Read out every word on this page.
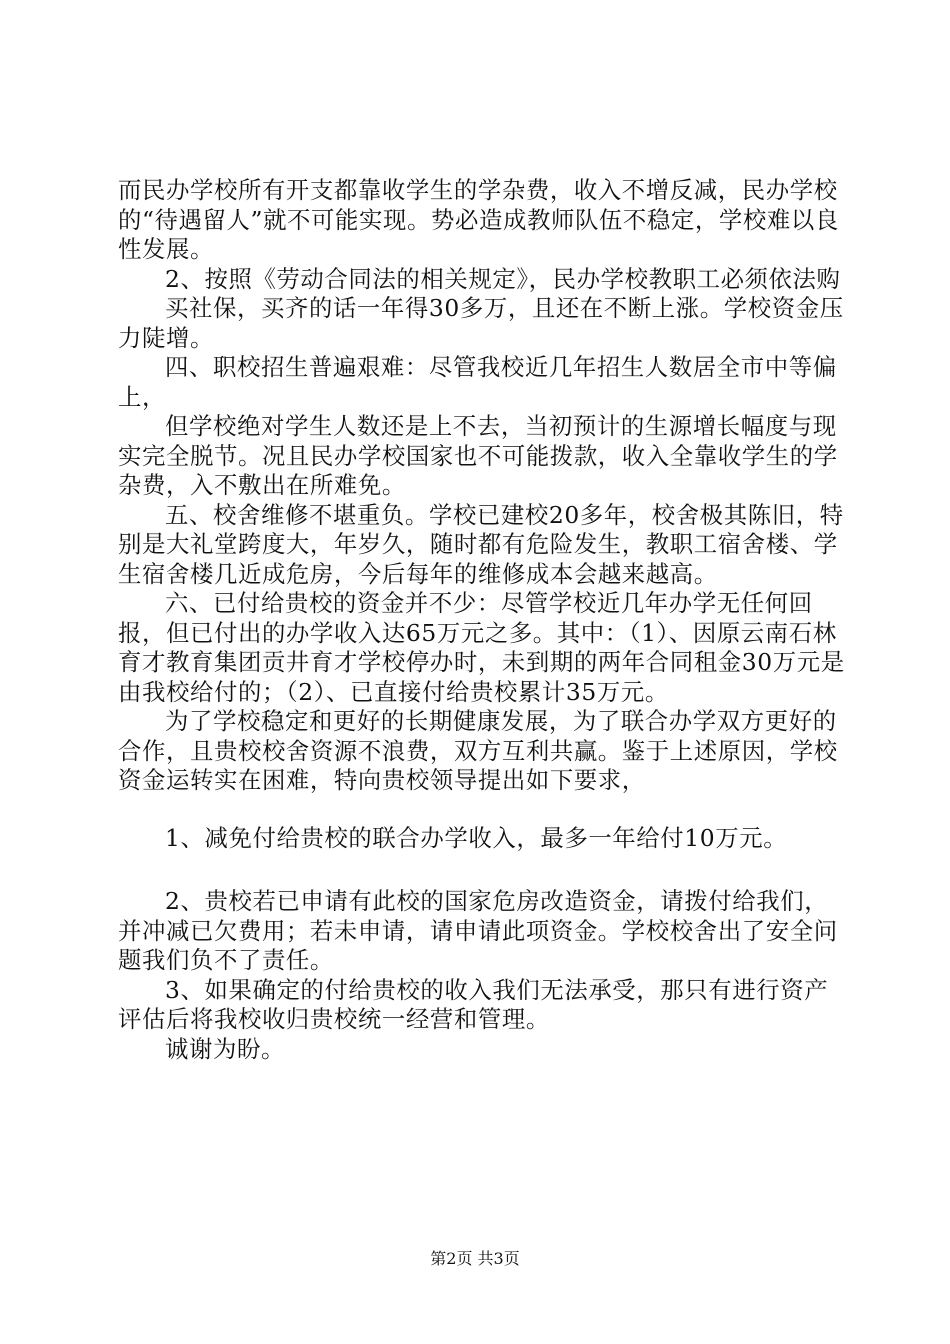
而民办学校所有开支都靠收学生的学杂费，收入不增反减，民办学校的“待遇留人”就不可能实现。势必造成教师队伍不稳定，学校难以良性发展。

2、按照《劳动合同法的相关规定》，民办学校教职工必须依法购

买社保，买齐的话一年得30多万，且还在不断上涨。学校资金压力陡增。

四、职校招生普遍艰难：尽管我校近几年招生人数居全市中等偏上，

但学校绝对学生人数还是上不去，当初预计的生源增长幅度与现实完全脱节。况且民办学校国家也不可能拨款，收入全靠收学生的学杂费，入不敷出在所难免。

五、校舍维修不堪重负。学校已建校20多年，校舍极其陈旧，特别是大礼堂跨度大，年岁久，随时都有危险发生，教职工宿舍楼、学生宿舍楼几近成危房，今后每年的维修成本会越来越高。

六、已付给贵校的资金并不少：尽管学校近几年办学无任何回报，但已付出的办学收入达65万元之多。其中：（1）、因原云南石林育才教育集团贡井育才学校停办时，未到期的两年合同租金30万元是由我校给付的；（2）、已直接付给贵校累计35万元。

为了学校稳定和更好的长期健康发展，为了联合办学双方更好的合作，且贵校校舍资源不浪费，双方互利共赢。鉴于上述原因，学校资金运转实在困难，特向贵校领导提出如下要求，

1、减免付给贵校的联合办学收入，最多一年给付10万元。

2、贵校若已申请有此校的国家危房改造资金，请拨付给我们，并冲减已欠费用；若未申请，请申请此项资金。学校校舍出了安全问题我们负不了责任。

3、如果确定的付给贵校的收入我们无法承受，那只有进行资产评估后将我校收归贵校统一经营和管理。

诚谢为盼。

第2页 共3页
